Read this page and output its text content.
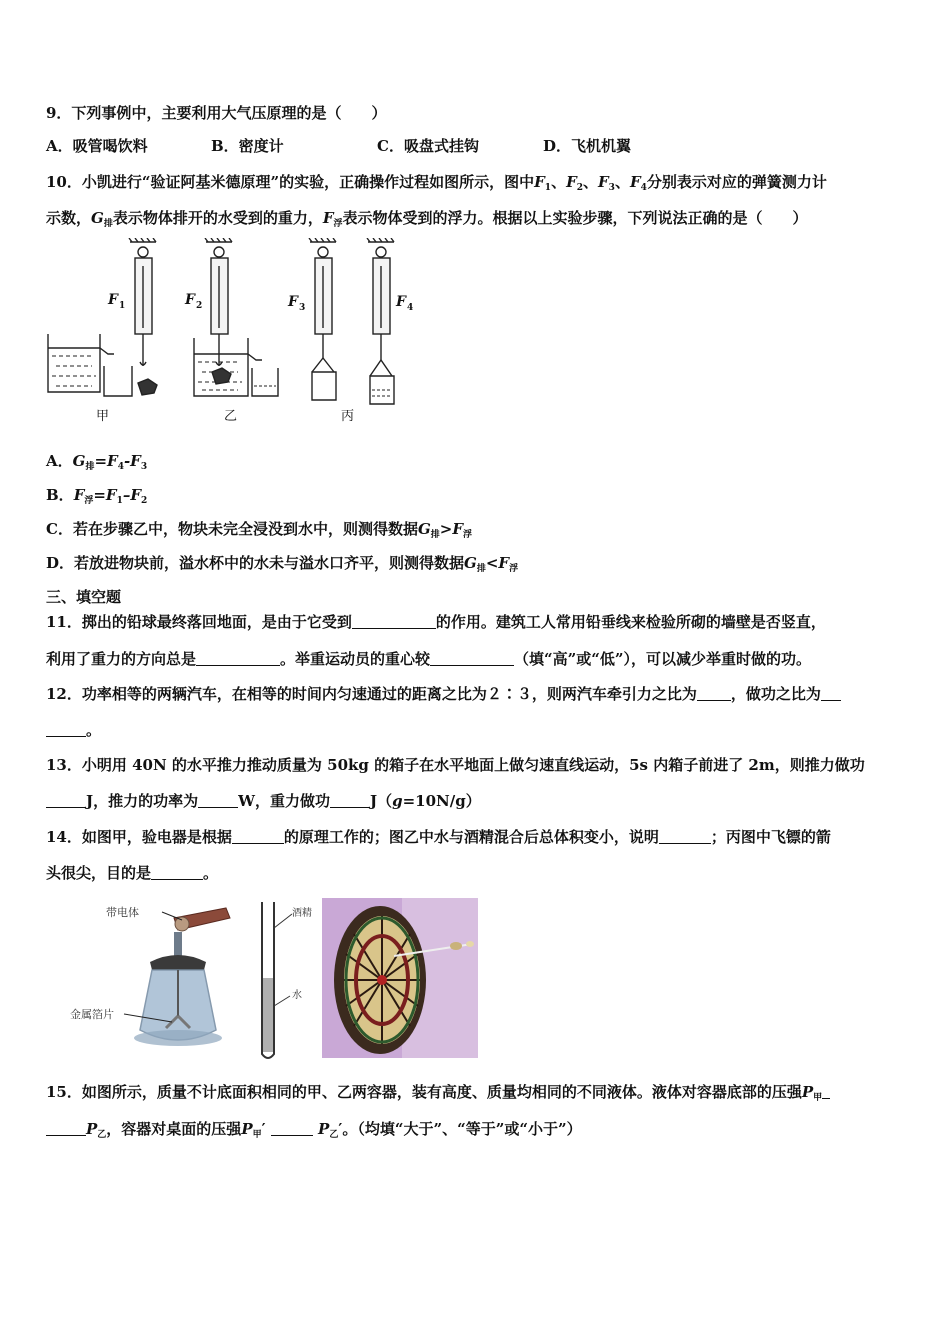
9．下列事例中，主要利用大气压原理的是（　　）
A．吸管喝饮料	B．密度计	C．吸盘式挂钩	D．飞机机翼
10．小凯进行“验证阿基米德原理”的实验，正确操作过程如图所示，图中$F_1$、$F_2$、$F_3$、$F_4$分别表示对应的弹簧测力计
示数，$G_排$表示物体排开的水受到的重力，$F_浮$表示物体受到的浮力。根据以上实验步骤，下列说法正确的是（　　）
F 1	F 2	F 3	F 4
甲	乙	丙
A．$G_排=F_4-F_3$
B．$F_浮=F_1-F_2$
C．若在步骤乙中，物块未完全浸没到水中，则测得数据$G_排>F_浮$
D．若放进物块前，溢水杯中的水未与溢水口齐平，则测得数据$G_排<F_浮$
三、填空题
11．掷出的铅球最终落回地面，是由于它受到	的作用。建筑工人常用铅垂线来检验所砌的墙壁是否竖直，
利用了重力的方向总是	。举重运动员的重心较	（填“高”或“低”），可以减少举重时做的功。
12．功率相等的两辆汽车，在相等的时间内匀速通过的距离之比为２∶３，则两汽车牵引力之比为 ，做功之比为
。
13．小明用 40N 的水平推力推动质量为 50kg 的箱子在水平地面上做匀速直线运动，5s 内箱子前进了 2m，则推力做功
J，推力的功率为	W，重力做功	J（g=10N/g）
14．如图甲，验电器是根据	的原理工作的；图乙中水与酒精混合后总体积变小，说明	；丙图中飞镖的箭
头很尖，目的是	。
带电体
金属箔片
酒精
水
15．如图所示，质量不计底面积相同的甲、乙两容器，装有高度、质量均相同的不同液体。液体对容器底部的压强$P_甲$
$P_乙$，容器对桌面的压强$P_甲'$	$P_乙'$。（均填“大于”、“等于”或“小于”）
